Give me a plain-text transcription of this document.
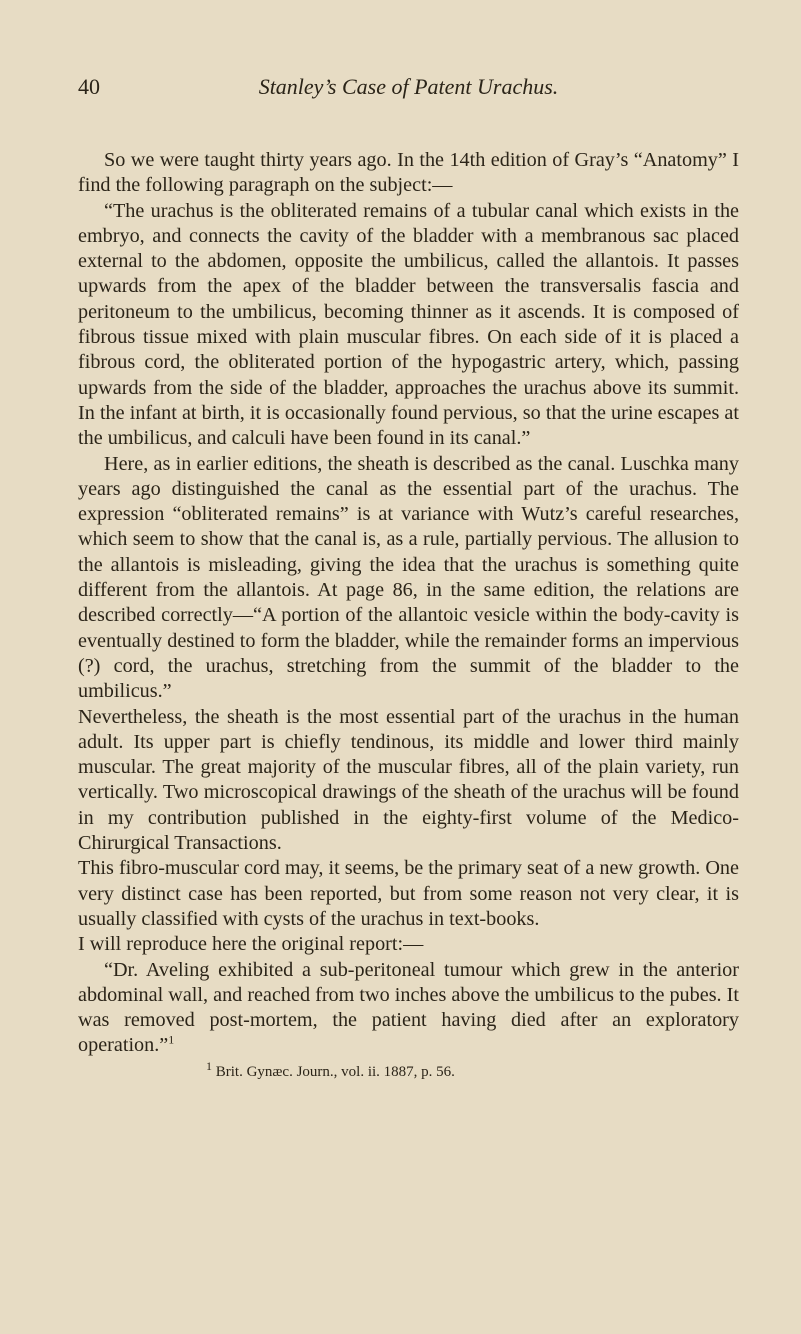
40	Stanley’s Case of Patent Urachus.

So we were taught thirty years ago. In the 14th edition of Gray’s “Anatomy” I find the following paragraph on the subject:—

“The urachus is the obliterated remains of a tubular canal which exists in the embryo, and connects the cavity of the bladder with a membranous sac placed external to the abdomen, opposite the umbilicus, called the allantois. It passes upwards from the apex of the bladder between the transversalis fascia and peritoneum to the umbilicus, becoming thinner as it ascends. It is composed of fibrous tissue mixed with plain muscular fibres. On each side of it is placed a fibrous cord, the obliterated portion of the hypogastric artery, which, passing upwards from the side of the bladder, approaches the urachus above its summit. In the infant at birth, it is occasionally found pervious, so that the urine escapes at the umbilicus, and calculi have been found in its canal.”

Here, as in earlier editions, the sheath is described as the canal. Luschka many years ago distinguished the canal as the essential part of the urachus. The expression “obliterated remains” is at variance with Wutz’s careful researches, which seem to show that the canal is, as a rule, partially pervious. The allusion to the allantois is misleading, giving the idea that the urachus is something quite different from the allantois. At page 86, in the same edition, the relations are described correctly—“A portion of the allantoic vesicle within the body-cavity is eventually destined to form the bladder, while the remainder forms an impervious (?) cord, the urachus, stretching from the summit of the bladder to the umbilicus.”

Nevertheless, the sheath is the most essential part of the urachus in the human adult. Its upper part is chiefly tendinous, its middle and lower third mainly muscular. The great majority of the muscular fibres, all of the plain variety, run vertically. Two microscopical drawings of the sheath of the urachus will be found in my contribution published in the eighty-first volume of the Medico-Chirurgical Transactions.

This fibro-muscular cord may, it seems, be the primary seat of a new growth. One very distinct case has been reported, but from some reason not very clear, it is usually classified with cysts of the urachus in text-books.

I will reproduce here the original report:—

“Dr. Aveling exhibited a sub-peritoneal tumour which grew in the anterior abdominal wall, and reached from two inches above the umbilicus to the pubes. It was removed post-mortem, the patient having died after an exploratory operation.”$^1$

$^1$ Brit. Gynæc. Journ., vol. ii. 1887, p. 56.
